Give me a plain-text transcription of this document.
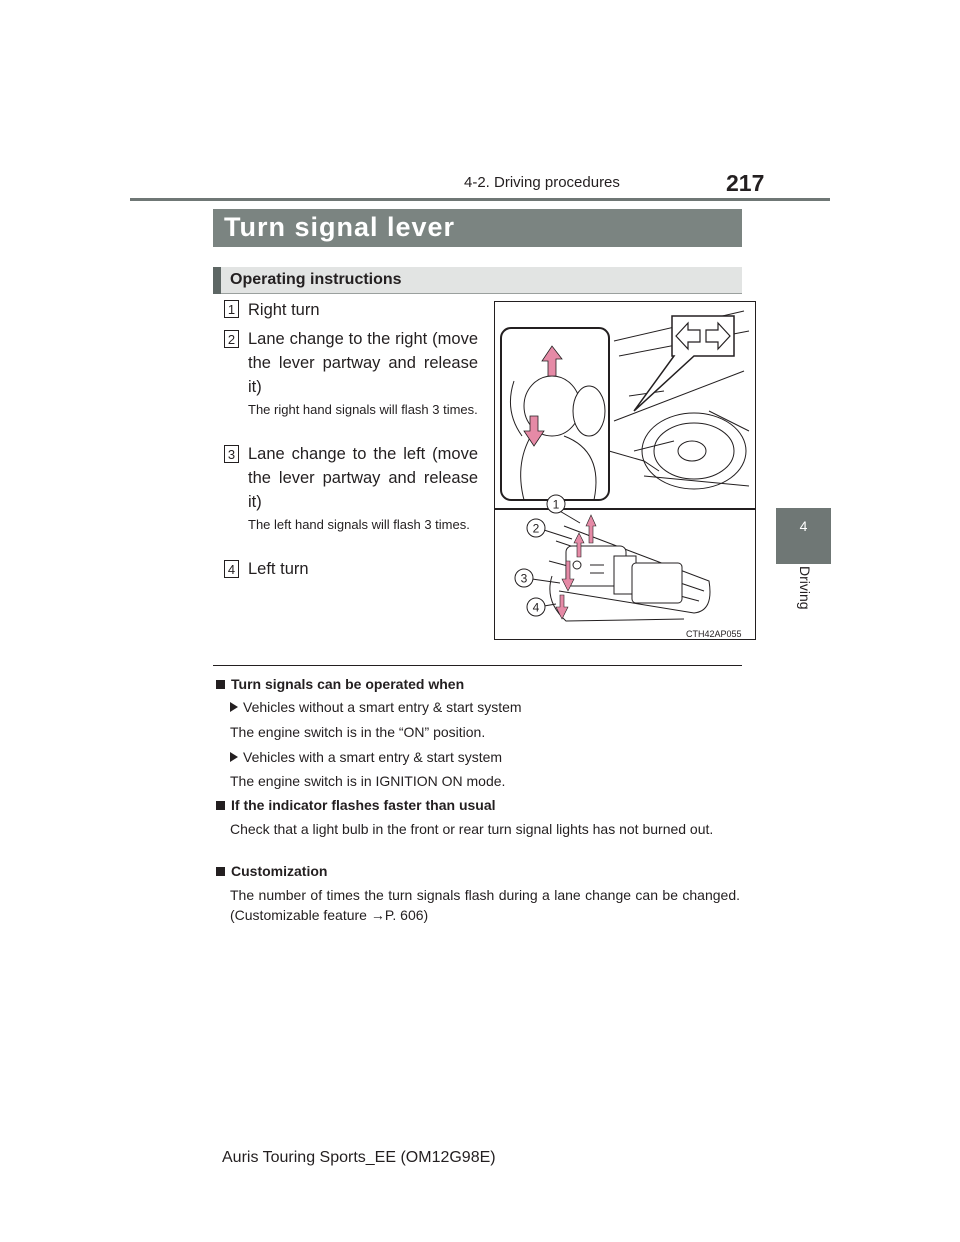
4-2. Driving procedures	217
4
Driving
Turn signal lever
Operating instructions
1 Right turn
2 Lane change to the right (move the lever partway and release it)
The right hand signals will flash 3 times.
3 Lane change to the left (move the lever partway and release it)
The left hand signals will flash 3 times.
4 Left turn
1
2
3
4
CTH42AP055
Turn signals can be operated when
Vehicles without a smart entry & start system
The engine switch is in the “ON” position.
Vehicles with a smart entry & start system
The engine switch is in IGNITION ON mode.
If the indicator flashes faster than usual
Check that a light bulb in the front or rear turn signal lights has not burned out.
Customization
The number of times the turn signals flash during a lane change can be changed. (Customizable feature →P. 606)
Auris Touring Sports_EE (OM12G98E)
